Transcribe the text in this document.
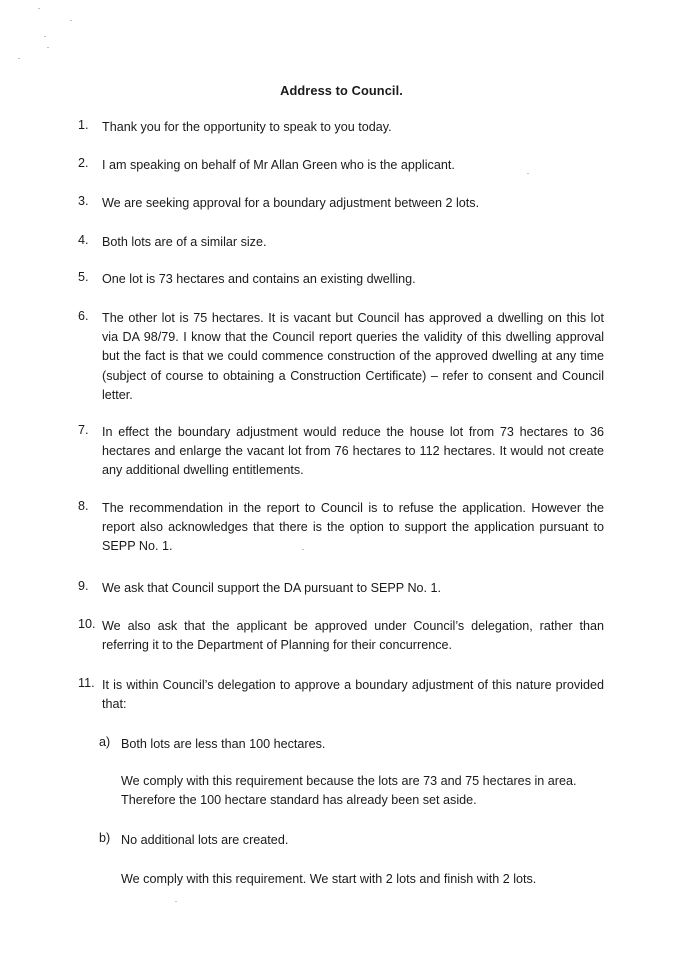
Address to Council.
1.	Thank you for the opportunity to speak to you today.
2.	I am speaking on behalf of Mr Allan Green who is the applicant.
3.	We are seeking approval for a boundary adjustment between 2 lots.
4.	Both lots are of a similar size.
5.	One lot is 73 hectares and contains an existing dwelling.
6.	The other lot is 75 hectares. It is vacant but Council has approved a dwelling on this lot via DA 98/79. I know that the Council report queries the validity of this dwelling approval but the fact is that we could commence construction of the approved dwelling at any time (subject of course to obtaining a Construction Certificate) – refer to consent and Council letter.
7.	In effect the boundary adjustment would reduce the house lot from 73 hectares to 36 hectares and enlarge the vacant lot from 76 hectares to 112 hectares. It would not create any additional dwelling entitlements.
8.	The recommendation in the report to Council is to refuse the application. However the report also acknowledges that there is the option to support the application pursuant to SEPP No. 1.
9.	We ask that Council support the DA pursuant to SEPP No. 1.
10. We also ask that the applicant be approved under Council’s delegation, rather than referring it to the Department of Planning for their concurrence.
11. It is within Council’s delegation to approve a boundary adjustment of this nature provided that:
a) Both lots are less than 100 hectares.
We comply with this requirement because the lots are 73 and 75 hectares in area. Therefore the 100 hectare standard has already been set aside.
b) No additional lots are created.
We comply with this requirement. We start with 2 lots and finish with 2 lots.
